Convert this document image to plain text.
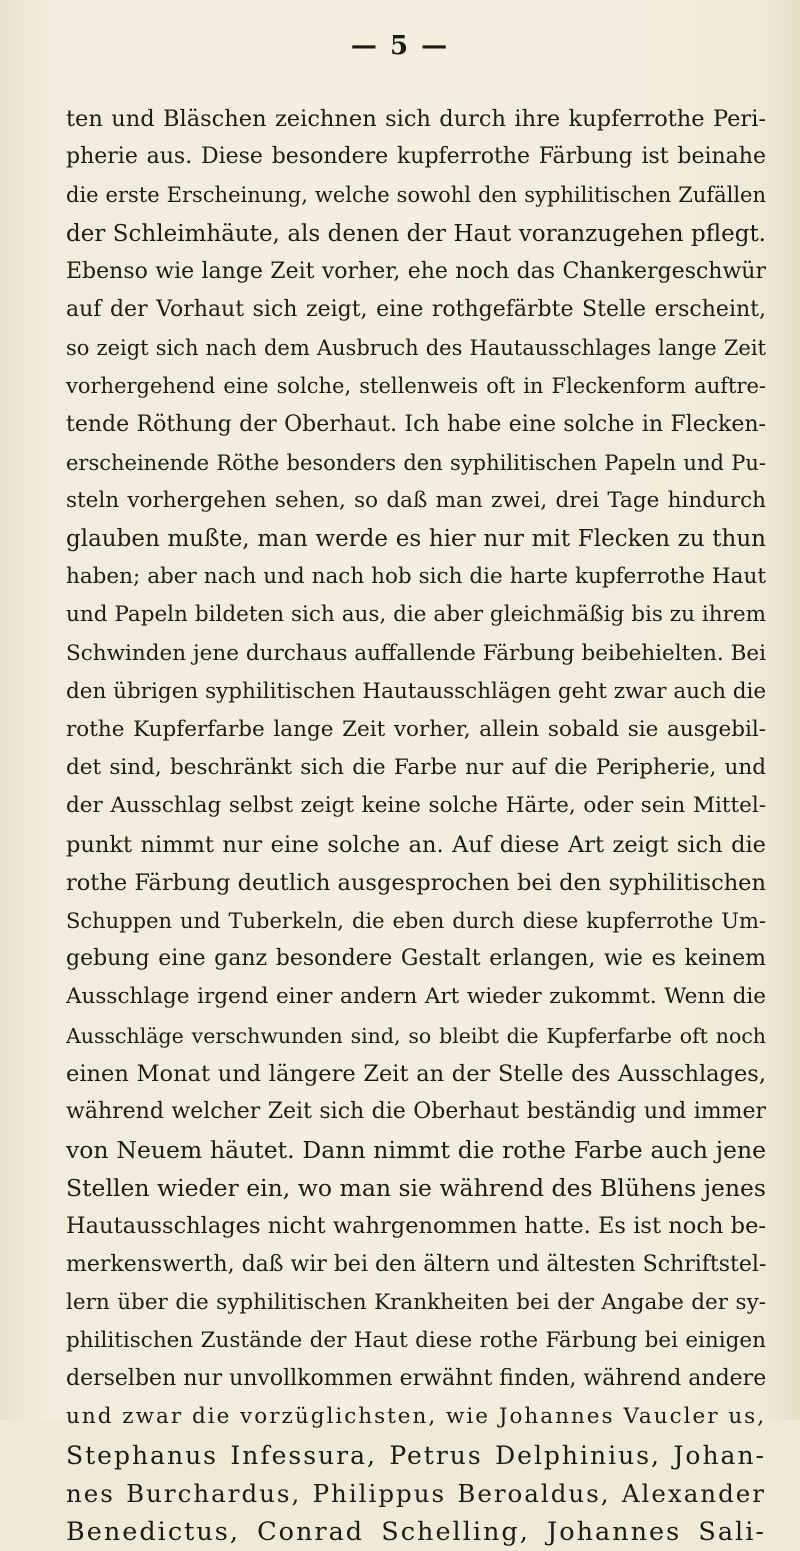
— 5 —
ten und Bläschen zeichnen sich durch ihre kupferrothe Peri-
pherie aus. Diese besondere kupferrothe Färbung ist beinahe
die erste Erscheinung, welche sowohl den syphilitischen Zufällen
der Schleimhäute, als denen der Haut voranzugehen pflegt.
Ebenso wie lange Zeit vorher, ehe noch das Chankergeschwür
auf der Vorhaut sich zeigt, eine rothgefärbte Stelle erscheint,
so zeigt sich nach dem Ausbruch des Hautausschlages lange Zeit
vorhergehend eine solche, stellenweis oft in Fleckenform auftre-
tende Röthung der Oberhaut. Ich habe eine solche in Flecken-
erscheinende Röthe besonders den syphilitischen Papeln und Pu-
steln vorhergehen sehen, so daß man zwei, drei Tage hindurch
glauben mußte, man werde es hier nur mit Flecken zu thun
haben; aber nach und nach hob sich die harte kupferrothe Haut
und Papeln bildeten sich aus, die aber gleichmäßig bis zu ihrem
Schwinden jene durchaus auffallende Färbung beibehielten. Bei
den übrigen syphilitischen Hautausschlägen geht zwar auch die
rothe Kupferfarbe lange Zeit vorher, allein sobald sie ausgebil-
det sind, beschränkt sich die Farbe nur auf die Peripherie, und
der Ausschlag selbst zeigt keine solche Härte, oder sein Mittel-
punkt nimmt nur eine solche an. Auf diese Art zeigt sich die
rothe Färbung deutlich ausgesprochen bei den syphilitischen
Schuppen und Tuberkeln, die eben durch diese kupferrothe Um-
gebung eine ganz besondere Gestalt erlangen, wie es keinem
Ausschlage irgend einer andern Art wieder zukommt. Wenn die
Ausschläge verschwunden sind, so bleibt die Kupferfarbe oft noch
einen Monat und längere Zeit an der Stelle des Ausschlages,
während welcher Zeit sich die Oberhaut beständig und immer
von Neuem häutet. Dann nimmt die rothe Farbe auch jene
Stellen wieder ein, wo man sie während des Blühens jenes
Hautausschlages nicht wahrgenommen hatte. Es ist noch be-
merkenswerth, daß wir bei den ältern und ältesten Schriftstel-
lern über die syphilitischen Krankheiten bei der Angabe der sy-
philitischen Zustände der Haut diese rothe Färbung bei einigen
derselben nur unvollkommen erwähnt finden, während andere
und zwar die vorzüglichsten, wie Johannes Vaucler us,
Stephanus Infessura, Petrus Delphinius, Johan-
nes Burchardus, Philippus Beroaldus, Alexander
Benedictus, Conrad Schelling, Johannes Sali-
